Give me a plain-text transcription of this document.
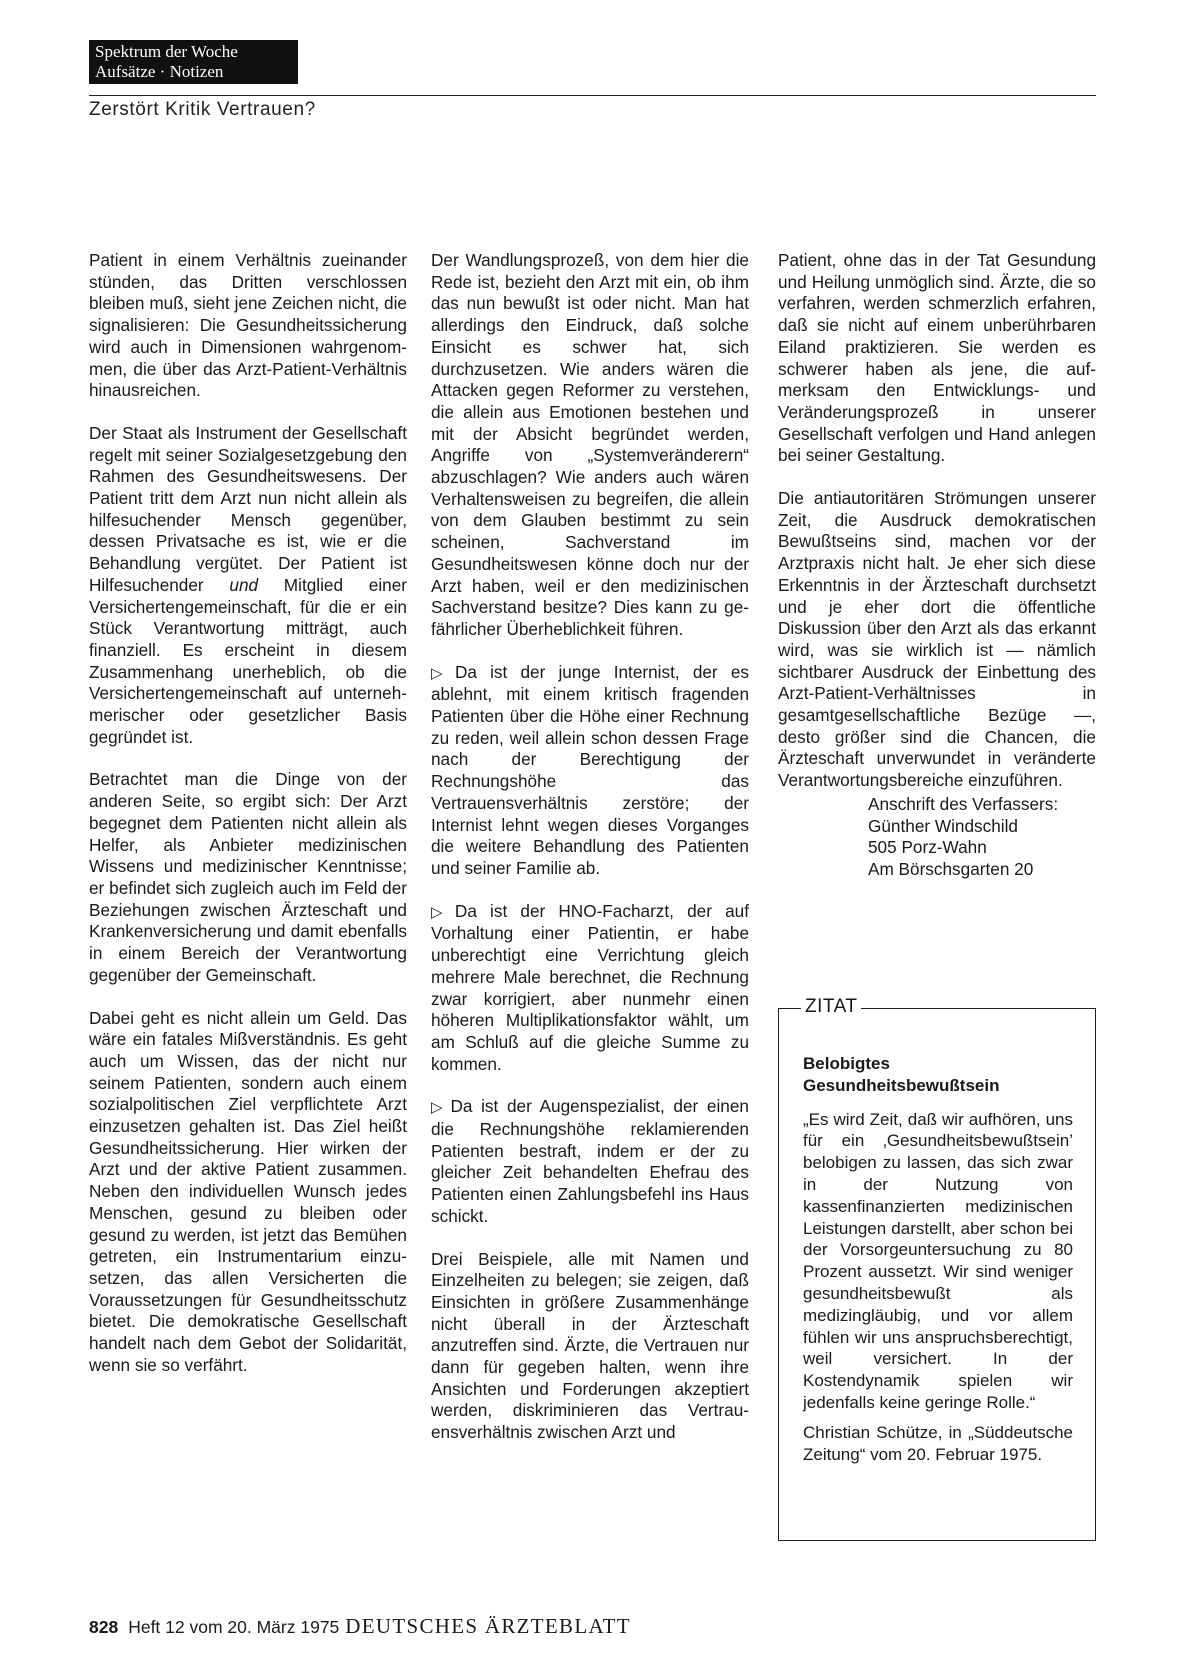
Spektrum der Woche
Aufsätze · Notizen
Zerstört Kritik Vertrauen?

Patient in einem Verhältnis zueinander stünden, das Dritten verschlossen bleiben muß, sieht jene Zeichen nicht, die signalisieren: Die Gesundheitssicherung wird auch in Dimensionen wahrgenommen, die über das Arzt-Patient-Verhältnis hinausreichen.

Der Staat als Instrument der Gesellschaft regelt mit seiner Sozialgesetzgebung den Rahmen des Gesundheitswesens. Der Patient tritt dem Arzt nun nicht allein als hilfesuchender Mensch gegenüber, dessen Privatsache es ist, wie er die Behandlung vergütet. Der Patient ist Hilfesuchender und Mitglied einer Versichertengemeinschaft, für die er ein Stück Verantwortung mitträgt, auch finanziell. Es erscheint in diesem Zusammenhang unerheblich, ob die Versichertengemeinschaft auf unternehmerischer oder gesetzlicher Basis gegründet ist.

Betrachtet man die Dinge von der anderen Seite, so ergibt sich: Der Arzt begegnet dem Patienten nicht allein als Helfer, als Anbieter medizinischen Wissens und medizinischer Kenntnisse; er befindet sich zugleich auch im Feld der Beziehungen zwischen Ärzteschaft und Krankenversicherung und damit ebenfalls in einem Bereich der Verantwortung gegenüber der Gemeinschaft.

Dabei geht es nicht allein um Geld. Das wäre ein fatales Mißverständnis. Es geht auch um Wissen, das der nicht nur seinem Patienten, sondern auch einem sozialpolitischen Ziel verpflichtete Arzt einzusetzen gehalten ist. Das Ziel heißt Gesundheitssicherung. Hier wirken der Arzt und der aktive Patient zusammen. Neben den individuellen Wunsch jedes Menschen, gesund zu bleiben oder gesund zu werden, ist jetzt das Bemühen getreten, ein Instrumentarium einzusetzen, das allen Versicherten die Voraussetzungen für Gesundheitsschutz bietet. Die demokratische Gesellschaft handelt nach dem Gebot der Solidarität, wenn sie so verfährt.

Der Wandlungsprozeß, von dem hier die Rede ist, bezieht den Arzt mit ein, ob ihm das nun bewußt ist oder nicht. Man hat allerdings den Eindruck, daß solche Einsicht es schwer hat, sich durchzusetzen. Wie anders wären die Attacken gegen Reformer zu verstehen, die allein aus Emotionen bestehen und mit der Absicht begründet werden, Angriffe von „Systemveränderern“ abzuschlagen? Wie anders auch wären Verhaltensweisen zu begreifen, die allein von dem Glauben bestimmt zu sein scheinen, Sachverstand im Gesundheitswesen könne doch nur der Arzt haben, weil er den medizinischen Sachverstand besitze? Dies kann zu gefährlicher Überheblichkeit führen.

▷ Da ist der junge Internist, der es ablehnt, mit einem kritisch fragenden Patienten über die Höhe einer Rechnung zu reden, weil allein schon dessen Frage nach der Berechtigung der Rechnungshöhe das Vertrauensverhältnis zerstöre; der Internist lehnt wegen dieses Vorganges die weitere Behandlung des Patienten und seiner Familie ab.

▷ Da ist der HNO-Facharzt, der auf Vorhaltung einer Patientin, er habe unberechtigt eine Verrichtung gleich mehrere Male berechnet, die Rechnung zwar korrigiert, aber nunmehr einen höheren Multiplikationsfaktor wählt, um am Schluß auf die gleiche Summe zu kommen.

▷ Da ist der Augenspezialist, der einen die Rechnungshöhe reklamierenden Patienten bestraft, indem er der zu gleicher Zeit behandelten Ehefrau des Patienten einen Zahlungsbefehl ins Haus schickt.

Drei Beispiele, alle mit Namen und Einzelheiten zu belegen; sie zeigen, daß Einsichten in größere Zusammenhänge nicht überall in der Ärzteschaft anzutreffen sind. Ärzte, die Vertrauen nur dann für gegeben halten, wenn ihre Ansichten und Forderungen akzeptiert werden, diskriminieren das Vertrauensverhältnis zwischen Arzt und

Patient, ohne das in der Tat Gesundung und Heilung unmöglich sind. Ärzte, die so verfahren, werden schmerzlich erfahren, daß sie nicht auf einem unberührbaren Eiland praktizieren. Sie werden es schwerer haben als jene, die aufmerksam den Entwicklungs- und Veränderungsprozeß in unserer Gesellschaft verfolgen und Hand anlegen bei seiner Gestaltung.

Die antiautoritären Strömungen unserer Zeit, die Ausdruck demokratischen Bewußtseins sind, machen vor der Arztpraxis nicht halt. Je eher sich diese Erkenntnis in der Ärzteschaft durchsetzt und je eher dort die öffentliche Diskussion über den Arzt als das erkannt wird, was sie wirklich ist — nämlich sichtbarer Ausdruck der Einbettung des Arzt-Patient-Verhältnisses in gesamtgesellschaftliche Bezüge —, desto größer sind die Chancen, die Ärzteschaft unverwundet in veränderte Verantwortungsbereiche einzuführen.

Anschrift des Verfassers:
Günther Windschild
505 Porz-Wahn
Am Börschsgarten 20
ZITAT
Belobigtes Gesundheitsbewußtsein
„Es wird Zeit, daß wir aufhören, uns für ein ‚Gesundheitsbewußtsein’ belobigen zu lassen, das sich zwar in der Nutzung von kassenfinanzierten medizinischen Leistungen darstellt, aber schon bei der Vorsorgeuntersuchung zu 80 Prozent aussetzt. Wir sind weniger gesundheitsbewußt als medizingläubig, und vor allem fühlen wir uns anspruchsberechtigt, weil versichert. In der Kostendynamik spielen wir jedenfalls keine geringe Rolle.“
Christian Schütze, in „Süddeutsche Zeitung“ vom 20. Februar 1975.
828 Heft 12 vom 20. März 1975 DEUTSCHES ÄRZTEBLATT
